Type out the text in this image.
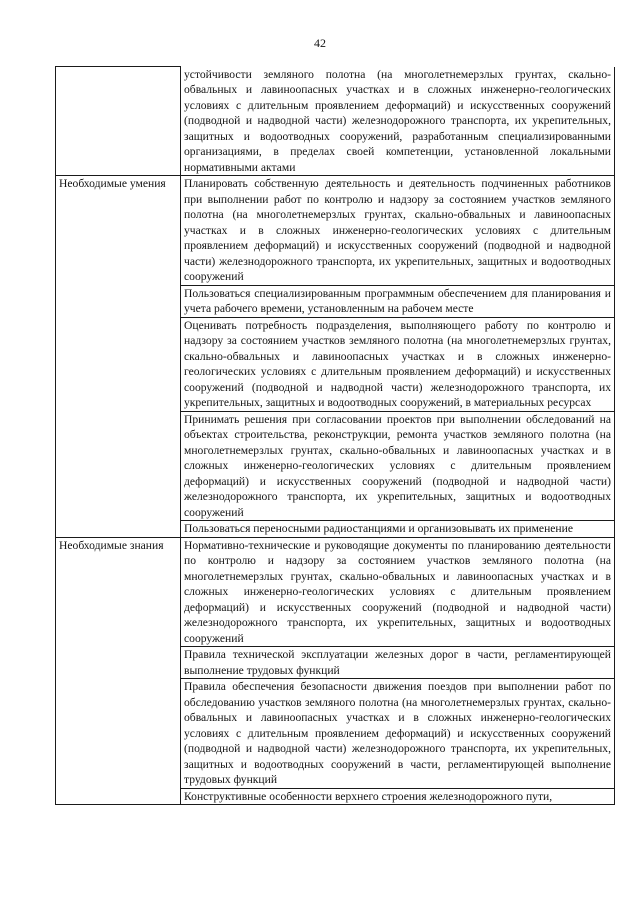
42
	устойчивости земляного полотна (на многолетнемерзлых грунтах, скально-обвальных и лавиноопасных участках и в сложных инженерно-геологических условиях с длительным проявлением деформаций) и искусственных сооружений (подводной и надводной части) железнодорожного транспорта, их укрепительных, защитных и водоотводных сооружений, разработанным специализированными организациями, в пределах своей компетенции, установленной локальными нормативными актами
Необходимые умения	Планировать собственную деятельность и деятельность подчиненных работников при выполнении работ по контролю и надзору за состоянием участков земляного полотна (на многолетнемерзлых грунтах, скально-обвальных и лавиноопасных участках и в сложных инженерно-геологических условиях с длительным проявлением деформаций) и искусственных сооружений (подводной и надводной части) железнодорожного транспорта, их укрепительных, защитных и водоотводных сооружений
	Пользоваться специализированным программным обеспечением для планирования и учета рабочего времени, установленным на рабочем месте
	Оценивать потребность подразделения, выполняющего работу по контролю и надзору за состоянием участков земляного полотна (на многолетнемерзлых грунтах, скально-обвальных и лавиноопасных участках и в сложных инженерно-геологических условиях с длительным проявлением деформаций) и искусственных сооружений (подводной и надводной части) железнодорожного транспорта, их укрепительных, защитных и водоотводных сооружений, в материальных ресурсах
	Принимать решения при согласовании проектов при выполнении обследований на объектах строительства, реконструкции, ремонта участков земляного полотна (на многолетнемерзлых грунтах, скально-обвальных и лавиноопасных участках и в сложных инженерно-геологических условиях с длительным проявлением деформаций) и искусственных сооружений (подводной и надводной части) железнодорожного транспорта, их укрепительных, защитных и водоотводных сооружений
	Пользоваться переносными радиостанциями и организовывать их применение
Необходимые знания	Нормативно-технические и руководящие документы по планированию деятельности по контролю и надзору за состоянием участков земляного полотна (на многолетнемерзлых грунтах, скально-обвальных и лавиноопасных участках и в сложных инженерно-геологических условиях с длительным проявлением деформаций) и искусственных сооружений (подводной и надводной части) железнодорожного транспорта, их укрепительных, защитных и водоотводных сооружений
	Правила технической эксплуатации железных дорог в части, регламентирующей выполнение трудовых функций
	Правила обеспечения безопасности движения поездов при выполнении работ по обследованию участков земляного полотна (на многолетнемерзлых грунтах, скально-обвальных и лавиноопасных участках и в сложных инженерно-геологических условиях с длительным проявлением деформаций) и искусственных сооружений (подводной и надводной части) железнодорожного транспорта, их укрепительных, защитных и водоотводных сооружений в части, регламентирующей выполнение трудовых функций
	Конструктивные особенности верхнего строения железнодорожного пути,
